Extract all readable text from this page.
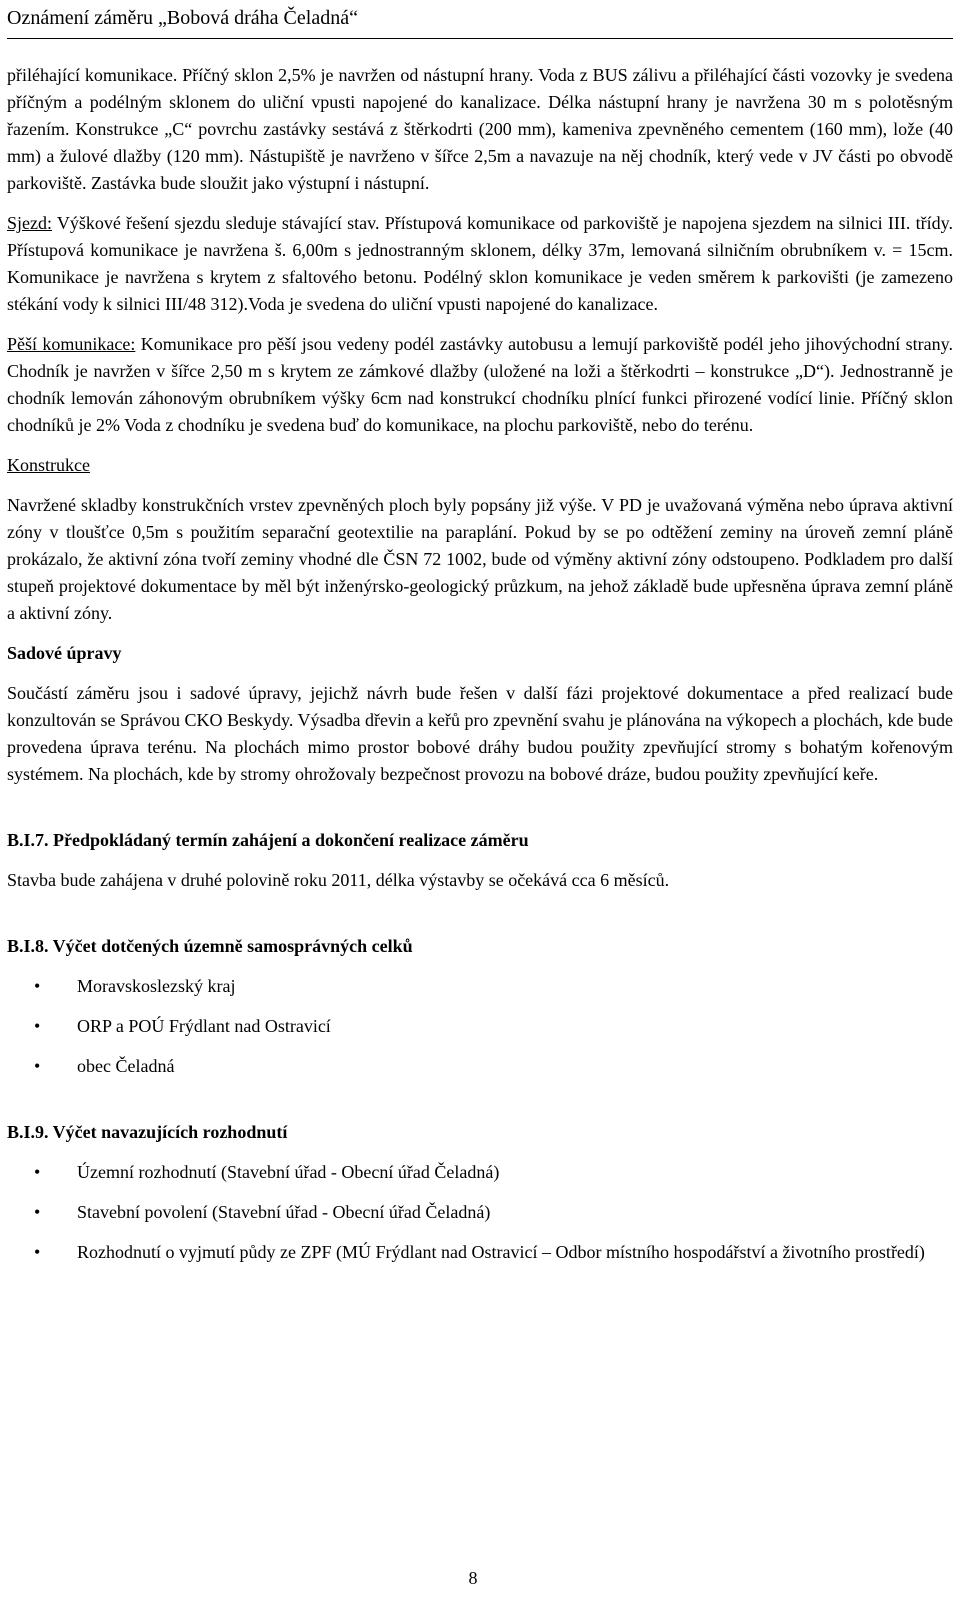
Oznámení záměru „Bobová dráha Čeladná“

přiléhající komunikace. Příčný sklon 2,5% je navržen od nástupní hrany. Voda z BUS zálivu a přiléhající části vozovky je svedena příčným a podélným sklonem do uliční vpusti napojené do kanalizace. Délka nástupní hrany je navržena 30 m s polotěsným řazením. Konstrukce „C“ povrchu zastávky sestává z štěrkodrti (200 mm), kameniva zpevněného cementem (160 mm), lože (40 mm) a žulové dlažby (120 mm). Nástupiště je navrženo v šířce 2,5m a navazuje na něj chodník, který vede v JV části po obvodě parkoviště. Zastávka bude sloužit jako výstupní i nástupní.

Sjezd: Výškové řešení sjezdu sleduje stávající stav. Přístupová komunikace od parkoviště je napojena sjezdem na silnici III. třídy. Přístupová komunikace je navržena š. 6,00m s jednostranným sklonem, délky 37m, lemovaná silničním obrubníkem v. = 15cm. Komunikace je navržena s krytem z sfaltového betonu. Podélný sklon komunikace je veden směrem k parkovišti (je zamezeno stékání vody k silnici III/48 312).Voda je svedena do uliční vpusti napojené do kanalizace.

Pěší komunikace: Komunikace pro pěší jsou vedeny podél zastávky autobusu a lemují parkoviště podél jeho jihovýchodní strany. Chodník je navržen v šířce 2,50 m s krytem ze zámkové dlažby (uložené na loži a štěrkodrti – konstrukce „D“). Jednostranně je chodník lemován záhonovým obrubníkem výšky 6cm nad konstrukcí chodníku plnící funkci přirozené vodící linie. Příčný sklon chodníků je 2% Voda z chodníku je svedena buď do komunikace, na plochu parkoviště, nebo do terénu.

Konstrukce

Navržené skladby konstrukčních vrstev zpevněných ploch byly popsány již výše. V PD je uvažovaná výměna nebo úprava aktivní zóny v tloušťce 0,5m s použitím separační geotextilie na paraplání. Pokud by se po odtěžení zeminy na úroveň zemní pláně prokázalo, že aktivní zóna tvoří zeminy vhodné dle ČSN 72 1002, bude od výměny aktivní zóny odstoupeno. Podkladem pro další stupeň projektové dokumentace by měl být inženýrsko-geologický průzkum, na jehož základě bude upřesněna úprava zemní pláně a aktivní zóny.

Sadové úpravy

Součástí záměru jsou i sadové úpravy, jejichž návrh bude řešen v další fázi projektové dokumentace a před realizací bude konzultován se Správou CKO Beskydy. Výsadba dřevin a keřů pro zpevnění svahu je plánována na výkopech a plochách, kde bude provedena úprava terénu. Na plochách mimo prostor bobové dráhy budou použity zpevňující stromy s bohatým kořenovým systémem. Na plochách, kde by stromy ohrožovaly bezpečnost provozu na bobové dráze, budou použity zpevňující keře.

B.I.7. Předpokládaný termín zahájení a dokončení realizace záměru

Stavba bude zahájena v druhé polovině roku 2011, délka výstavby se očekává cca 6 měsíců.

B.I.8. Výčet dotčených územně samosprávných celků

• Moravskoslezský kraj
• ORP a POÚ Frýdlant nad Ostravicí
• obec Čeladná

B.I.9. Výčet navazujících rozhodnutí

• Územní rozhodnutí (Stavební úřad - Obecní úřad Čeladná)
• Stavební povolení (Stavební úřad - Obecní úřad Čeladná)
• Rozhodnutí o vyjmutí půdy ze ZPF (MÚ Frýdlant nad Ostravicí – Odbor místního hospodářství a životního prostředí)
8
